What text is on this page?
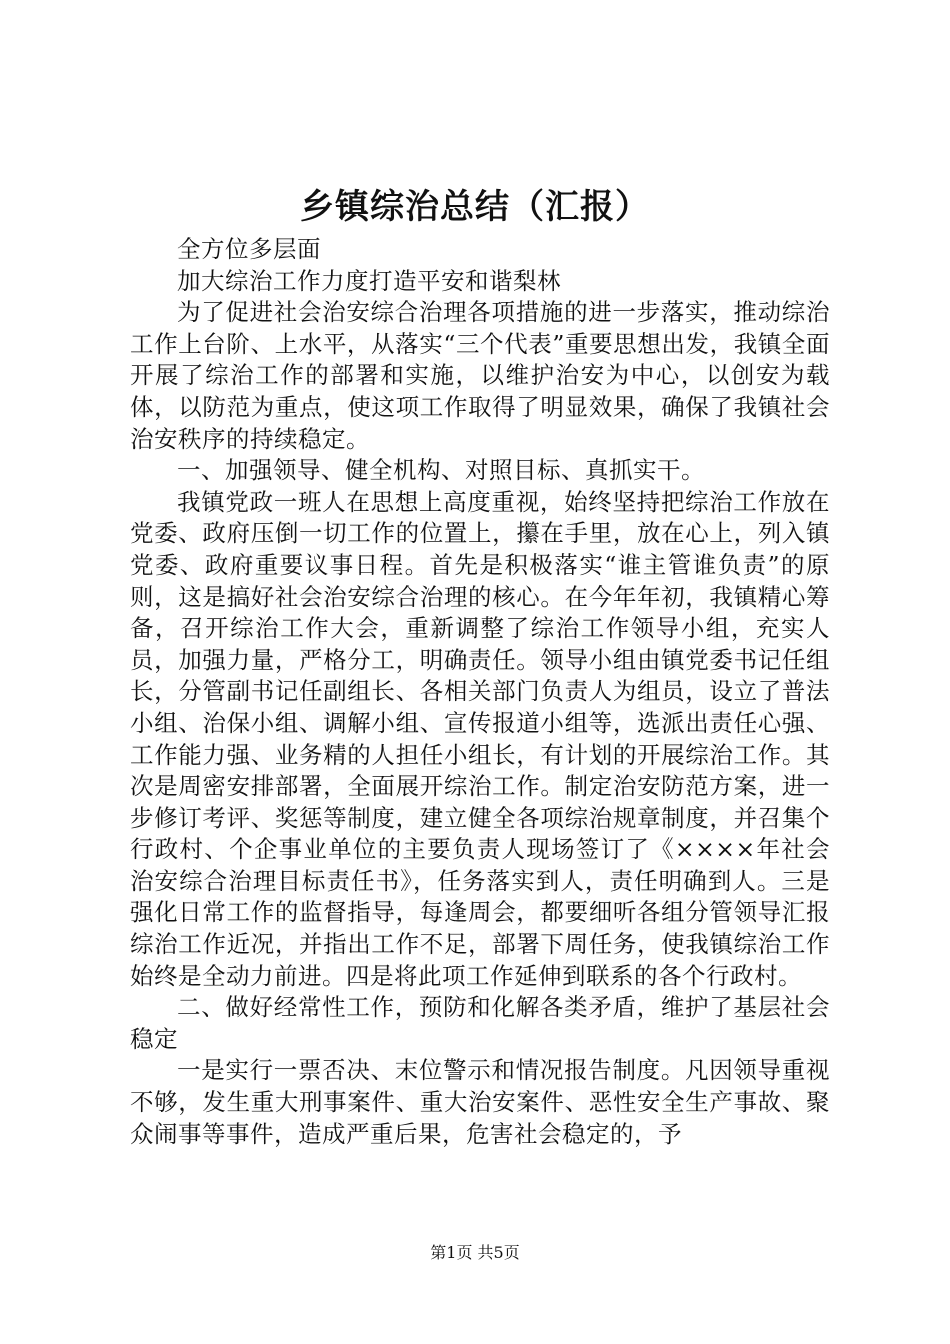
乡镇综治总结（汇报）

全方位多层面

加大综治工作力度打造平安和谐梨林

为了促进社会治安综合治理各项措施的进一步落实，推动综治工作上台阶、上水平，从落实“三个代表”重要思想出发，我镇全面开展了综治工作的部署和实施，以维护治安为中心，以创安为载体，以防范为重点，使这项工作取得了明显效果，确保了我镇社会治安秩序的持续稳定。

一、加强领导、健全机构、对照目标、真抓实干。

我镇党政一班人在思想上高度重视，始终坚持把综治工作放在党委、政府压倒一切工作的位置上，攥在手里，放在心上，列入镇党委、政府重要议事日程。首先是积极落实“谁主管谁负责”的原则，这是搞好社会治安综合治理的核心。在今年年初，我镇精心筹备，召开综治工作大会，重新调整了综治工作领导小组，充实人员，加强力量，严格分工，明确责任。领导小组由镇党委书记任组长，分管副书记任副组长、各相关部门负责人为组员，设立了普法小组、治保小组、调解小组、宣传报道小组等，选派出责任心强、工作能力强、业务精的人担任小组长，有计划的开展综治工作。其次是周密安排部署，全面展开综治工作。制定治安防范方案，进一步修订考评、奖惩等制度，建立健全各项综治规章制度，并召集个行政村、个企事业单位的主要负责人现场签订了《××××年社会治安综合治理目标责任书》，任务落实到人，责任明确到人。三是强化日常工作的监督指导，每逢周会，都要细听各组分管领导汇报综治工作近况，并指出工作不足，部署下周任务，使我镇综治工作始终是全动力前进。四是将此项工作延伸到联系的各个行政村。

二、做好经常性工作，预防和化解各类矛盾，维护了基层社会稳定

一是实行一票否决、末位警示和情况报告制度。凡因领导重视不够，发生重大刑事案件、重大治安案件、恶性安全生产事故、聚众闹事等事件，造成严重后果，危害社会稳定的，予

第1页 共5页
